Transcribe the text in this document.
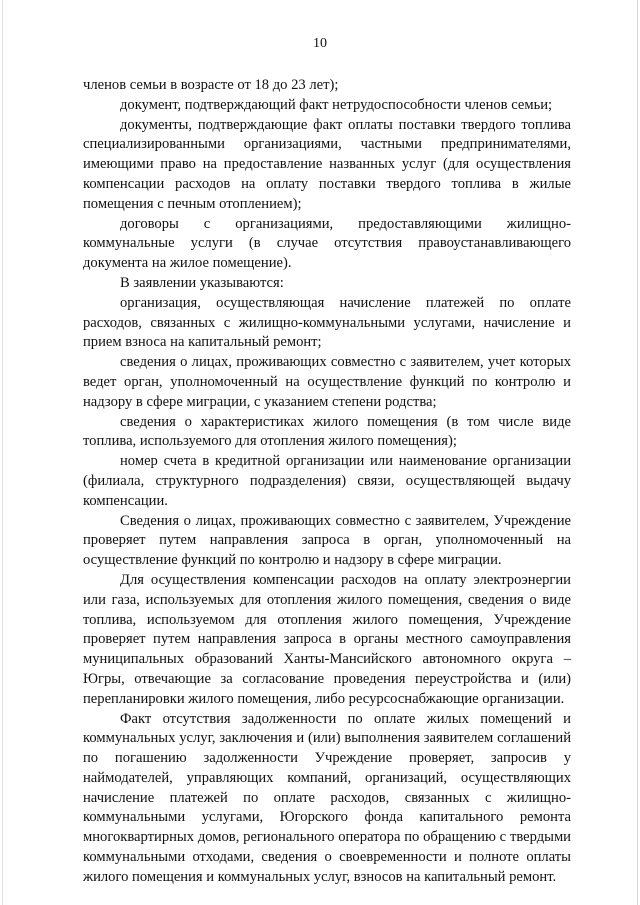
10

членов семьи в возрасте от 18 до 23 лет);

документ, подтверждающий факт нетрудоспособности членов семьи;

документы, подтверждающие факт оплаты поставки твердого топлива специализированными организациями, частными предпринимателями, имеющими право на предоставление названных услуг (для осуществления компенсации расходов на оплату поставки твердого топлива в жилые помещения с печным отоплением);

договоры с организациями, предоставляющими жилищно-коммунальные услуги (в случае отсутствия правоустанавливающего документа на жилое помещение).

В заявлении указываются:

организация, осуществляющая начисление платежей по оплате расходов, связанных с жилищно-коммунальными услугами, начисление и прием взноса на капитальный ремонт;

сведения о лицах, проживающих совместно с заявителем, учет которых ведет орган, уполномоченный на осуществление функций по контролю и надзору в сфере миграции, с указанием степени родства;

сведения о характеристиках жилого помещения (в том числе виде топлива, используемого для отопления жилого помещения);

номер счета в кредитной организации или наименование организации (филиала, структурного подразделения) связи, осуществляющей выдачу компенсации.

Сведения о лицах, проживающих совместно с заявителем, Учреждение проверяет путем направления запроса в орган, уполномоченный на осуществление функций по контролю и надзору в сфере миграции.

Для осуществления компенсации расходов на оплату электроэнергии или газа, используемых для отопления жилого помещения, сведения о виде топлива, используемом для отопления жилого помещения, Учреждение проверяет путем направления запроса в органы местного самоуправления муниципальных образований Ханты-Мансийского автономного округа – Югры, отвечающие за согласование проведения переустройства и (или) перепланировки жилого помещения, либо ресурсоснабжающие организации.

Факт отсутствия задолженности по оплате жилых помещений и коммунальных услуг, заключения и (или) выполнения заявителем соглашений по погашению задолженности Учреждение проверяет, запросив у наймодателей, управляющих компаний, организаций, осуществляющих начисление платежей по оплате расходов, связанных с жилищно-коммунальными услугами, Югорского фонда капитального ремонта многоквартирных домов, регионального оператора по обращению с твердыми коммунальными отходами, сведения о своевременности и полноте оплаты жилого помещения и коммунальных услуг, взносов на капитальный ремонт.
